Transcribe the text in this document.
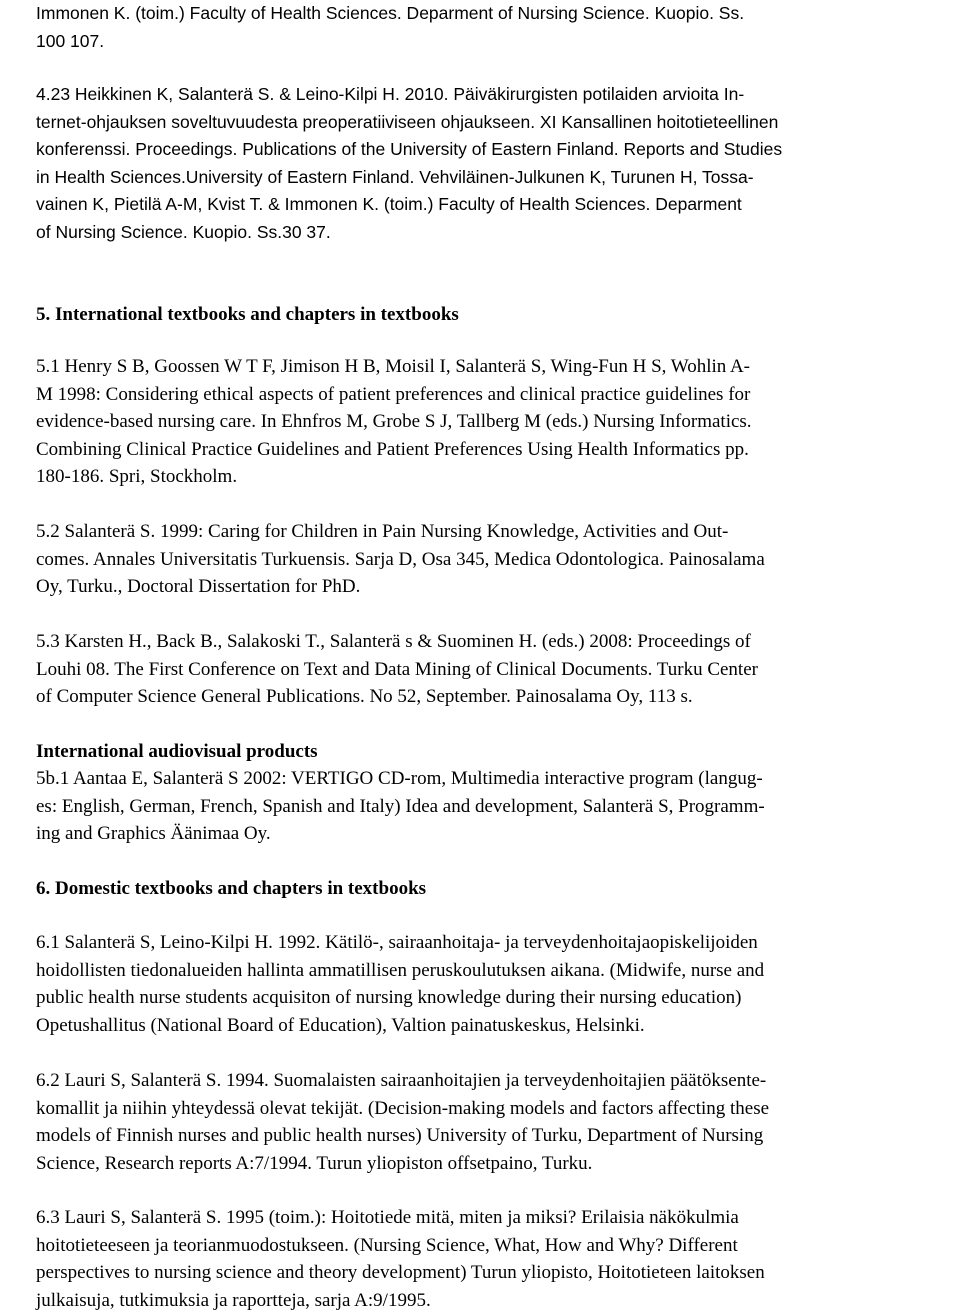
Immonen K. (toim.) Faculty of Health Sciences. Deparment of Nursing Science. Kuopio. Ss.
100 107.
4.23 Heikkinen K, Salanterä S. & Leino-Kilpi H. 2010. Päiväkirurgisten potilaiden arvioita In-
ternet-ohjauksen soveltuvuudesta preoperatiiviseen ohjaukseen. XI Kansallinen hoitotieteellinen
konferenssi. Proceedings. Publications of the University of Eastern Finland. Reports and Studies
in Health Sciences.University of Eastern Finland. Vehviläinen-Julkunen K, Turunen H, Tossa-
vainen K, Pietilä A-M, Kvist T. & Immonen K. (toim.) Faculty of Health Sciences. Deparment
of Nursing Science. Kuopio. Ss.30 37.
5. International textbooks and chapters in textbooks
5.1 Henry S B, Goossen W T F, Jimison H B, Moisil I, Salanterä S, Wing-Fun H S, Wohlin A-
M 1998: Considering ethical aspects of patient preferences and clinical practice guidelines for
evidence-based nursing care. In Ehnfros M, Grobe S J, Tallberg M (eds.) Nursing Informatics.
Combining Clinical Practice Guidelines and Patient Preferences Using Health Informatics pp.
180-186. Spri, Stockholm.
5.2 Salanterä S. 1999: Caring for Children in Pain Nursing Knowledge, Activities and Out-
comes. Annales Universitatis Turkuensis. Sarja D, Osa 345, Medica Odontologica. Painosalama
Oy, Turku., Doctoral Dissertation for PhD.
5.3 Karsten H., Back B., Salakoski T., Salanterä s & Suominen H. (eds.) 2008: Proceedings of
Louhi 08. The First Conference on Text and Data Mining of Clinical Documents. Turku Center
of Computer Science General Publications. No 52, September. Painosalama Oy, 113 s.
International audiovisual products
5b.1 Aantaa E, Salanterä S 2002: VERTIGO CD-rom, Multimedia interactive program (langug-
es: English, German, French, Spanish and Italy) Idea and development, Salanterä S, Programm-
ing and Graphics Äänimaa Oy.
6. Domestic textbooks and chapters in textbooks
6.1 Salanterä S, Leino-Kilpi H. 1992. Kätilö-, sairaanhoitaja- ja terveydenhoitajaopiskelijoiden
hoidollisten tiedonalueiden hallinta ammatillisen peruskoulutuksen aikana. (Midwife, nurse and
public health nurse students acquisiton of nursing knowledge during their nursing education)
Opetushallitus (National Board of Education), Valtion painatuskeskus, Helsinki.
6.2 Lauri S, Salanterä S. 1994. Suomalaisten sairaanhoitajien ja terveydenhoitajien päätöksente-
komallit ja niihin yhteydessä olevat tekijät. (Decision-making models and factors affecting these
models of Finnish nurses and public health nurses) University of Turku, Department of Nursing
Science, Research reports A:7/1994. Turun yliopiston offsetpaino, Turku.
6.3 Lauri S, Salanterä S. 1995 (toim.): Hoitotiede mitä, miten ja miksi? Erilaisia näkökulmia
hoitotieteeseen ja teorianmuodostukseen. (Nursing Science, What, How and Why? Different
perspectives to nursing science and theory development) Turun yliopisto, Hoitotieteen laitoksen
julkaisuja, tutkimuksia ja raportteja, sarja A:9/1995.
